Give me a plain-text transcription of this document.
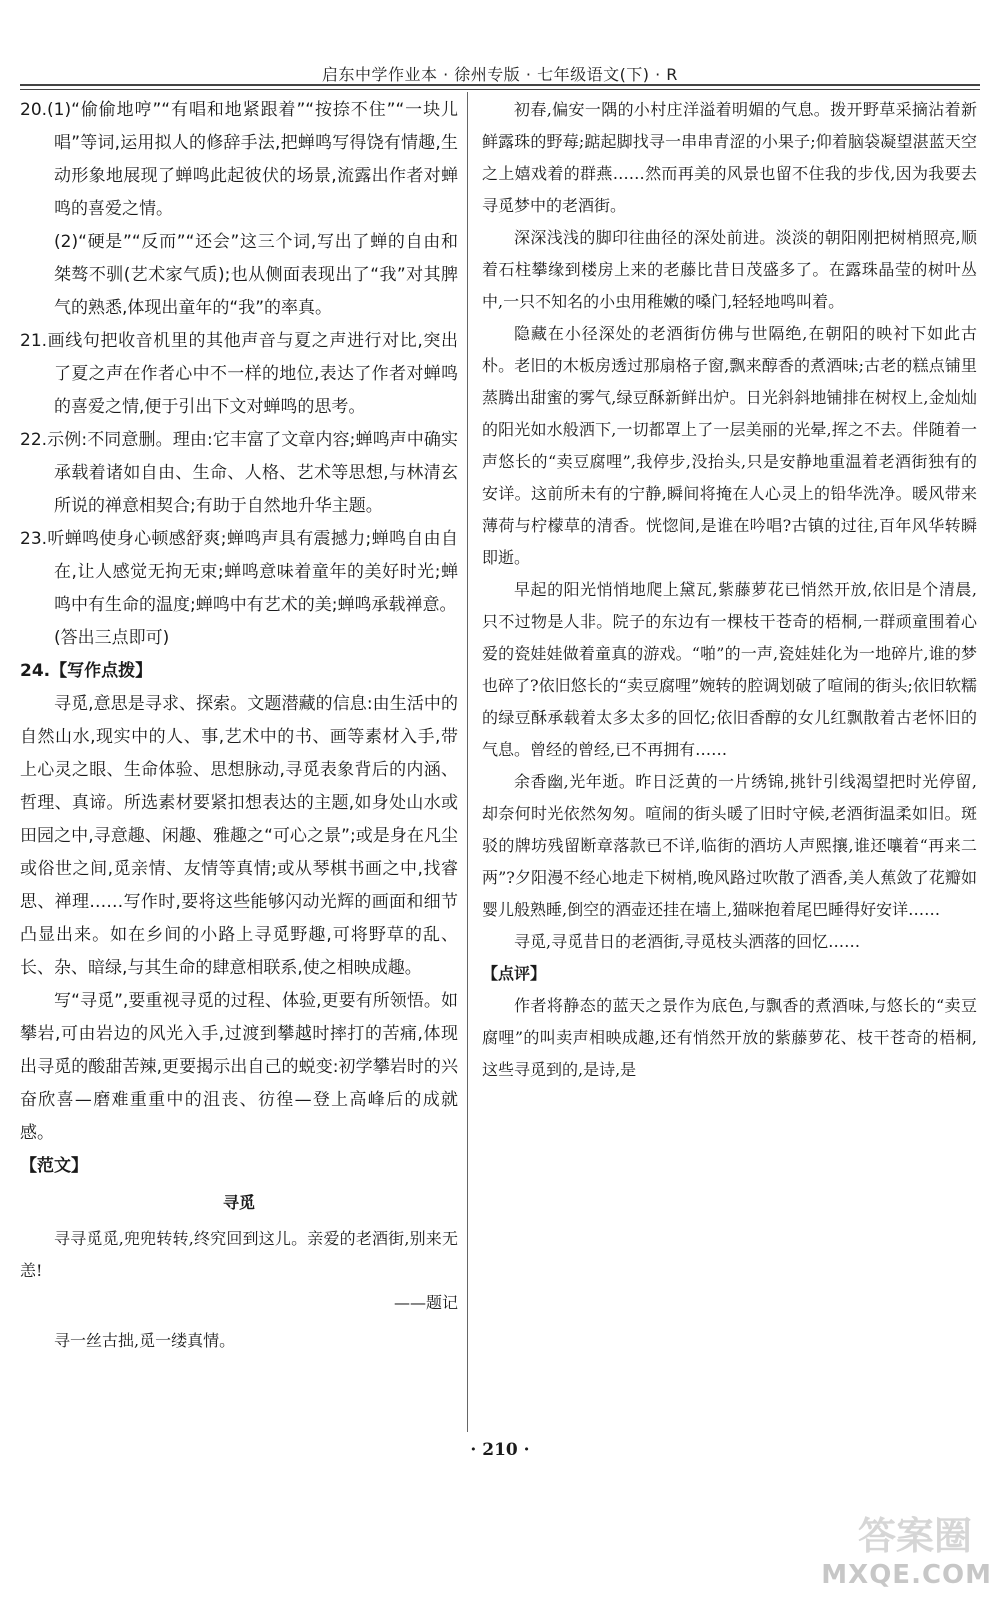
启东中学作业本 · 徐州专版 · 七年级语文(下) · R

20.(1)“偷偷地哼”“有唱和地紧跟着”“按捺不住”“一块儿唱”等词,运用拟人的修辞手法,把蝉鸣写得饶有情趣,生动形象地展现了蝉鸣此起彼伏的场景,流露出作者对蝉鸣的喜爱之情。

(2)“硬是”“反而”“还会”这三个词,写出了蝉的自由和桀骜不驯(艺术家气质);也从侧面表现出了“我”对其脾气的熟悉,体现出童年的“我”的率真。

21.画线句把收音机里的其他声音与夏之声进行对比,突出了夏之声在作者心中不一样的地位,表达了作者对蝉鸣的喜爱之情,便于引出下文对蝉鸣的思考。

22.示例:不同意删。理由:它丰富了文章内容;蝉鸣声中确实承载着诸如自由、生命、人格、艺术等思想,与林清玄所说的禅意相契合;有助于自然地升华主题。

23.听蝉鸣使身心顿感舒爽;蝉鸣声具有震撼力;蝉鸣自由自在,让人感觉无拘无束;蝉鸣意味着童年的美好时光;蝉鸣中有生命的温度;蝉鸣中有艺术的美;蝉鸣承载禅意。

(答出三点即可)

24.【写作点拨】

寻觅,意思是寻求、探索。文题潜藏的信息:由生活中的自然山水,现实中的人、事,艺术中的书、画等素材入手,带上心灵之眼、生命体验、思想脉动,寻觅表象背后的内涵、哲理、真谛。所选素材要紧扣想表达的主题,如身处山水或田园之中,寻意趣、闲趣、雅趣之“可心之景”;或是身在凡尘或俗世之间,觅亲情、友情等真情;或从琴棋书画之中,找睿思、禅理……写作时,要将这些能够闪动光辉的画面和细节凸显出来。如在乡间的小路上寻觅野趣,可将野草的乱、长、杂、暗绿,与其生命的肆意相联系,使之相映成趣。

写“寻觅”,要重视寻觅的过程、体验,更要有所领悟。如攀岩,可由岩边的风光入手,过渡到攀越时摔打的苦痛,体现出寻觅的酸甜苦辣,更要揭示出自己的蜕变:初学攀岩时的兴奋欣喜—磨难重重中的沮丧、彷徨—登上高峰后的成就感。

【范文】

寻觅

寻寻觅觅,兜兜转转,终究回到这儿。亲爱的老酒街,别来无恙!

——题记

寻一丝古拙,觅一缕真情。

初春,偏安一隅的小村庄洋溢着明媚的气息。拨开野草采摘沾着新鲜露珠的野莓;踮起脚找寻一串串青涩的小果子;仰着脑袋凝望湛蓝天空之上嬉戏着的群燕……然而再美的风景也留不住我的步伐,因为我要去寻觅梦中的老酒街。

深深浅浅的脚印往曲径的深处前进。淡淡的朝阳刚把树梢照亮,顺着石柱攀缘到楼房上来的老藤比昔日茂盛多了。在露珠晶莹的树叶丛中,一只不知名的小虫用稚嫩的嗓门,轻轻地鸣叫着。

隐藏在小径深处的老酒街仿佛与世隔绝,在朝阳的映衬下如此古朴。老旧的木板房透过那扇格子窗,飘来醇香的煮酒味;古老的糕点铺里蒸腾出甜蜜的雾气,绿豆酥新鲜出炉。日光斜斜地铺排在树杈上,金灿灿的阳光如水般洒下,一切都罩上了一层美丽的光晕,挥之不去。伴随着一声悠长的“卖豆腐哩”,我停步,没抬头,只是安静地重温着老酒街独有的安详。这前所未有的宁静,瞬间将掩在人心灵上的铅华洗净。暖风带来薄荷与柠檬草的清香。恍惚间,是谁在吟唱?古镇的过往,百年风华转瞬即逝。

早起的阳光悄悄地爬上黛瓦,紫藤萝花已悄然开放,依旧是个清晨,只不过物是人非。院子的东边有一棵枝干苍奇的梧桐,一群顽童围着心爱的瓷娃娃做着童真的游戏。“啪”的一声,瓷娃娃化为一地碎片,谁的梦也碎了?依旧悠长的“卖豆腐哩”婉转的腔调划破了喧闹的街头;依旧软糯的绿豆酥承载着太多太多的回忆;依旧香醇的女儿红飘散着古老怀旧的气息。曾经的曾经,已不再拥有……

余香幽,光年逝。昨日泛黄的一片绣锦,挑针引线渴望把时光停留,却奈何时光依然匆匆。喧闹的街头暖了旧时守候,老酒街温柔如旧。斑驳的牌坊残留断章落款已不详,临街的酒坊人声熙攘,谁还嚷着“再来二两”?夕阳漫不经心地走下树梢,晚风路过吹散了酒香,美人蕉敛了花瓣如婴儿般熟睡,倒空的酒壶还挂在墙上,猫咪抱着尾巴睡得好安详……

寻觅,寻觅昔日的老酒街,寻觅枝头洒落的回忆……

【点评】

作者将静态的蓝天之景作为底色,与飘香的煮酒味,与悠长的“卖豆腐哩”的叫卖声相映成趣,还有悄然开放的紫藤萝花、枝干苍奇的梧桐,这些寻觅到的,是诗,是

· 210 ·
答案圈
MXQE.COM
